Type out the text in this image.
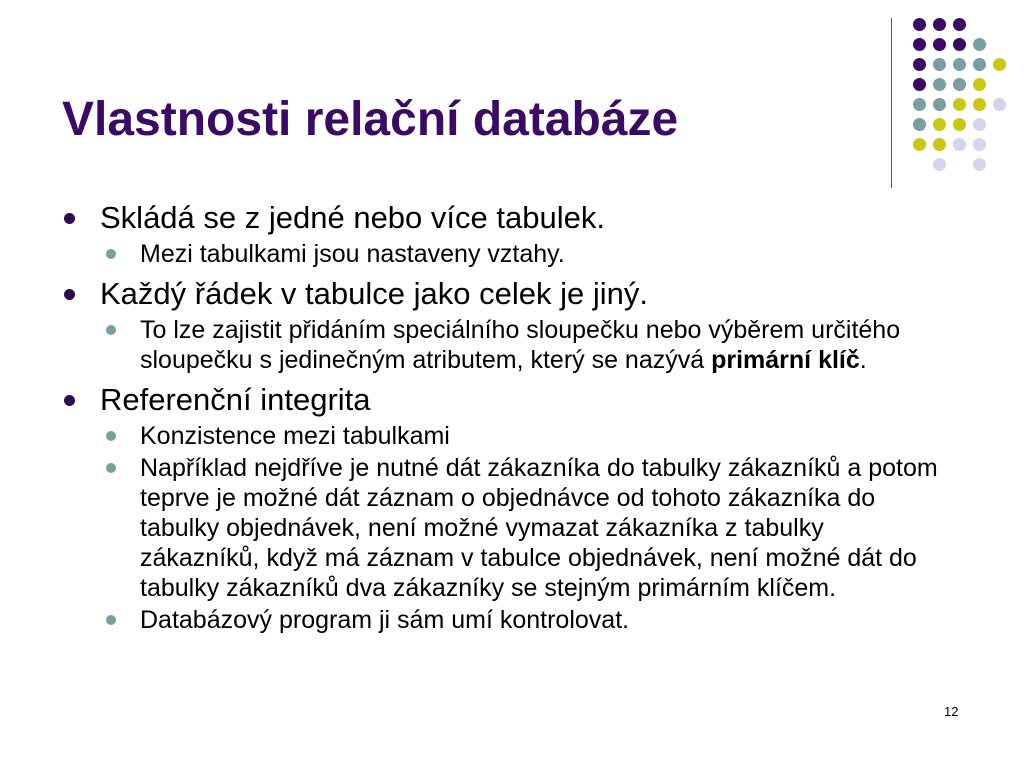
Vlastnosti relační databáze
Skládá se z jedné nebo více tabulek.
Mezi tabulkami jsou nastaveny vztahy.
Každý řádek v tabulce jako celek je jiný.
To lze zajistit přidáním speciálního sloupečku nebo výběrem určitého sloupečku s jedinečným atributem, který se nazývá primární klíč.
Referenční integrita
Konzistence mezi tabulkami
Například nejdříve je nutné dát zákazníka do tabulky zákazníků a potom teprve je možné dát záznam o objednávce od tohoto zákazníka do tabulky objednávek, není možné vymazat zákazníka z tabulky zákazníků, když má záznam v tabulce objednávek, není možné dát do tabulky zákazníků dva zákazníky se stejným primárním klíčem.
Databázový program ji sám umí kontrolovat.
12
